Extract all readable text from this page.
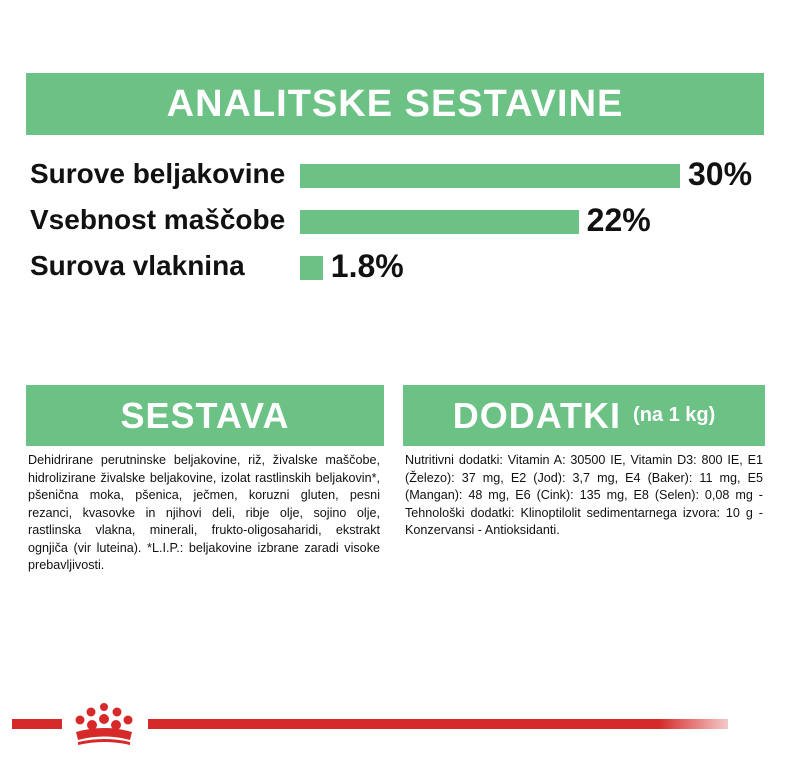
ANALITSKE SESTAVINE
Surove beljakovine	30%
Vsebnost maščobe	22%
Surova vlaknina	1.8%
SESTAVA
Dehidrirane perutninske beljakovine, riž, živalske maščobe, hidrolizirane živalske beljakovine, izolat rastlinskih beljakovin*, pšenična moka, pšenica, ječmen, koruzni gluten, pesni rezanci, kvasovke in njihovi deli, ribje olje, sojino olje, rastlinska vlakna, minerali, frukto-oligosaharidi, ekstrakt ognjiča (vir luteina). *L.I.P.: beljakovine izbrane zaradi visoke prebavljivosti.
DODATKI (na 1 kg)
Nutritivni dodatki: Vitamin A: 30500 IE, Vitamin D3: 800 IE, E1 (Železo): 37 mg, E2 (Jod): 3,7 mg, E4 (Baker): 11 mg, E5 (Mangan): 48 mg, E6 (Cink): 135 mg, E8 (Selen): 0,08 mg - Tehnološki dodatki: Klinoptilolit sedimentarnega izvora: 10 g - Konzervansi - Antioksidanti.
